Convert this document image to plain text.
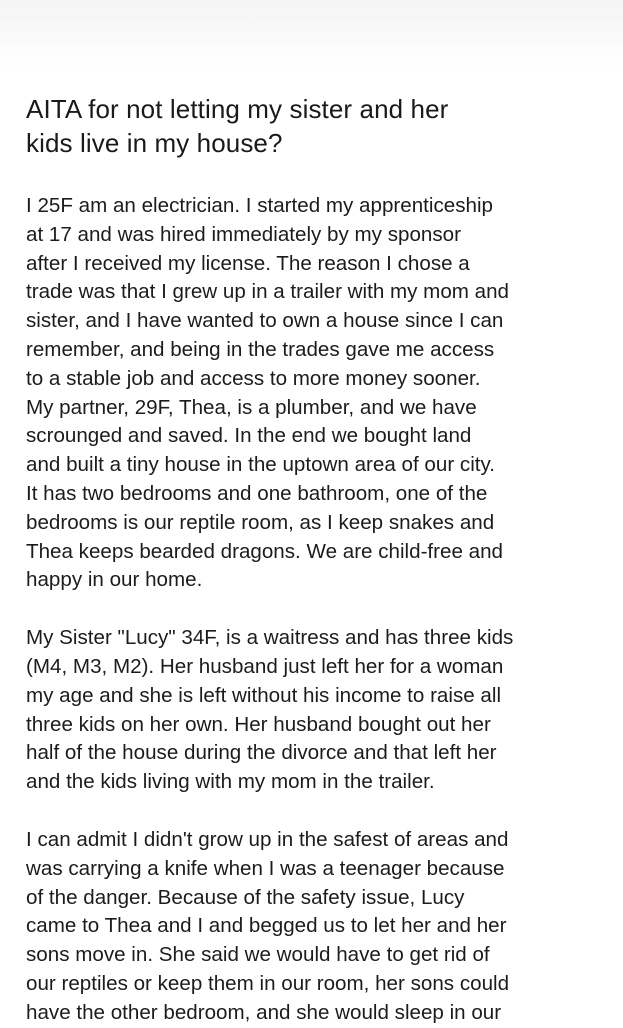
AITA for not letting my sister and her
kids live in my house?

I 25F am an electrician. I started my apprenticeship
at 17 and was hired immediately by my sponsor
after I received my license. The reason I chose a
trade was that I grew up in a trailer with my mom and
sister, and I have wanted to own a house since I can
remember, and being in the trades gave me access
to a stable job and access to more money sooner.
My partner, 29F, Thea, is a plumber, and we have
scrounged and saved. In the end we bought land
and built a tiny house in the uptown area of our city.
It has two bedrooms and one bathroom, one of the
bedrooms is our reptile room, as I keep snakes and
Thea keeps bearded dragons. We are child-free and
happy in our home.

My Sister "Lucy" 34F, is a waitress and has three kids
(M4, M3, M2). Her husband just left her for a woman
my age and she is left without his income to raise all
three kids on her own. Her husband bought out her
half of the house during the divorce and that left her
and the kids living with my mom in the trailer.

I can admit I didn't grow up in the safest of areas and
was carrying a knife when I was a teenager because
of the danger. Because of the safety issue, Lucy
came to Thea and I and begged us to let her and her
sons move in. She said we would have to get rid of
our reptiles or keep them in our room, her sons could
have the other bedroom, and she would sleep in our
